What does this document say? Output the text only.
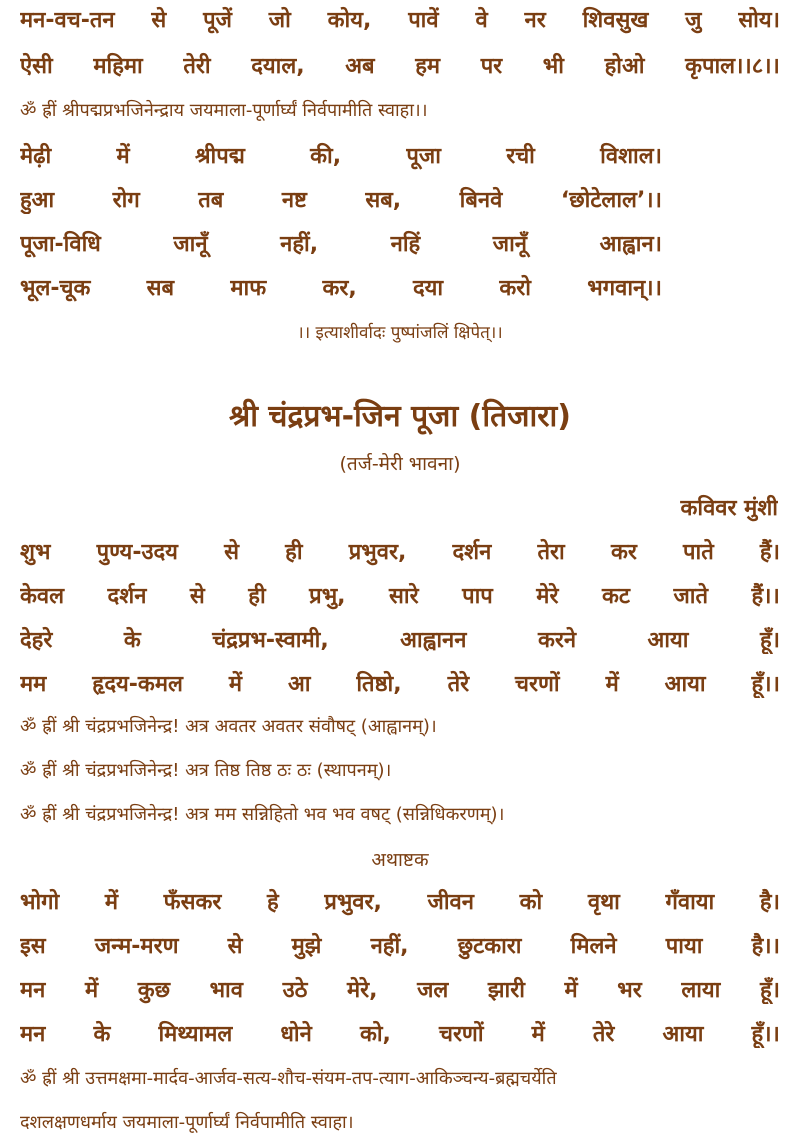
मन-वच-तन से पूजें जो कोय, पावें वे नर शिवसुख जु सोय।
ऐसी महिमा तेरी दयाल, अब हम पर भी होओ कृपाल।।८।।
ॐ ह्रीं श्रीपद्मप्रभजिनेन्द्राय जयमाला-पूर्णार्घ्यं निर्वपामीति स्वाहा।।
मेढ़ी	में	श्रीपद्म	की,	पूजा	रची	विशाल।
हुआ	रोग	तब	नष्ट	सब,	बिनवे	‘छोटेलाल’।।
पूजा-विधि	जानूँ	नहीं,	नहिं	जानूँ	आह्वान।
भूल-चूक	सब	माफ	कर,	दया	करो	भगवान्।।
।। इत्याशीर्वादः पुष्पांजलिं क्षिपेत्।।
श्री चंद्रप्रभ-जिन पूजा (तिजारा)
(तर्ज-मेरी भावना)
कविवर मुंशी
शुभ पुण्य-उदय से ही प्रभुवर, दर्शन तेरा कर पाते हैं।
केवल दर्शन से ही प्रभु, सारे पाप मेरे कट जाते हैं।।
देहरे	के	चंद्रप्रभ-स्वामी,	आह्वानन	करने	आया	हूँ।
मम हृदय-कमल में आ तिष्ठो, तेरे चरणों में आया हूँ।।
ॐ ह्रीं श्री चंद्रप्रभजिनेन्द्र! अत्र अवतर अवतर संवौषट् (आह्वानम्)।
ॐ ह्रीं श्री चंद्रप्रभजिनेन्द्र! अत्र तिष्ठ तिष्ठ ठः ठः (स्थापनम्)।
ॐ ह्रीं श्री चंद्रप्रभजिनेन्द्र! अत्र मम सन्निहितो भव भव वषट् (सन्निधिकरणम्)।
अथाष्टक
भोगो में फँसकर हे प्रभुवर, जीवन को वृथा गँवाया है।
इस जन्म-मरण से मुझे नहीं, छुटकारा मिलने पाया है।।
मन में कुछ भाव उठे मेरे, जल झारी में भर लाया हूँ।
मन के मिथ्यामल धोने को, चरणों में तेरे आया हूँ।।
ॐ ह्रीं श्री उत्तमक्षमा-मार्दव-आर्जव-सत्य-शौच-संयम-तप-त्याग-आकिञ्चन्य-ब्रह्मचर्येति
दशलक्षणधर्माय जयमाला-पूर्णार्घ्यं निर्वपामीति स्वाहा।
